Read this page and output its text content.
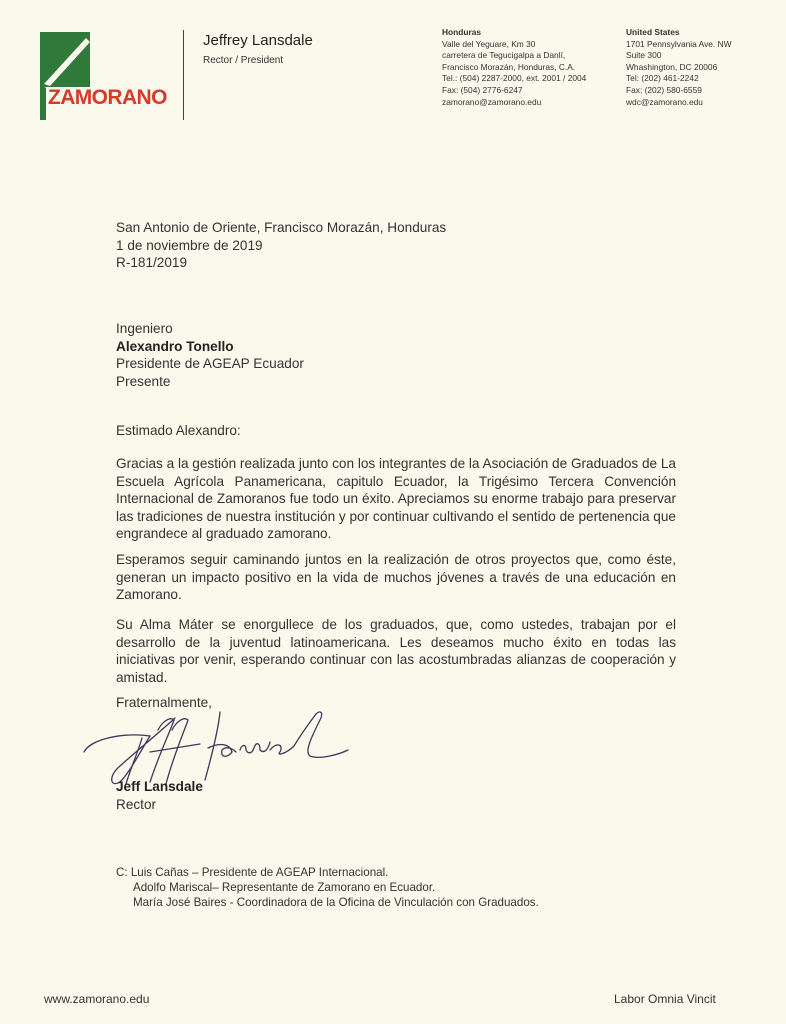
ZAMORANO
Jeffrey Lansdale
Rector / President
Honduras
Valle del Yeguare, Km 30
carretera de Tegucigalpa a Danlí,
Francisco Morazán, Honduras, C.A.
Tel.: (504) 2287-2000, ext. 2001 / 2004
Fax: (504) 2776-6247
zamorano@zamorano.edu
United States
1701 Pennsylvania Ave. NW
Suite 300
Whashington, DC 20006
Tel: (202) 461-2242
Fax: (202) 580-6559
wdc@zamorano.edu
San Antonio de Oriente, Francisco Morazán, Honduras
1 de noviembre de 2019
R-181/2019
Ingeniero
Alexandro Tonello
Presidente de AGEAP Ecuador
Presente
Estimado Alexandro:
Gracias a la gestión realizada junto con los integrantes de la Asociación de Graduados de La Escuela Agrícola Panamericana, capitulo Ecuador, la Trigésimo Tercera Convención Internacional de Zamoranos fue todo un éxito. Apreciamos su enorme trabajo para preservar las tradiciones de nuestra institución y por continuar cultivando el sentido de pertenencia que engrandece al graduado zamorano.
Esperamos seguir caminando juntos en la realización de otros proyectos que, como éste, generan un impacto positivo en la vida de muchos jóvenes a través de una educación en Zamorano.
Su Alma Máter se enorgullece de los graduados, que, como ustedes, trabajan por el desarrollo de la juventud latinoamericana. Les deseamos mucho éxito en todas las iniciativas por venir, esperando continuar con las acostumbradas alianzas de cooperación y amistad.
Fraternalmente,
Jeff Lansdale
Rector
C: Luis Cañas – Presidente de AGEAP Internacional.
Adolfo Mariscal– Representante de Zamorano en Ecuador.
María José Baires - Coordinadora de la Oficina de Vinculación con Graduados.
www.zamorano.edu	Labor Omnia Vincit
